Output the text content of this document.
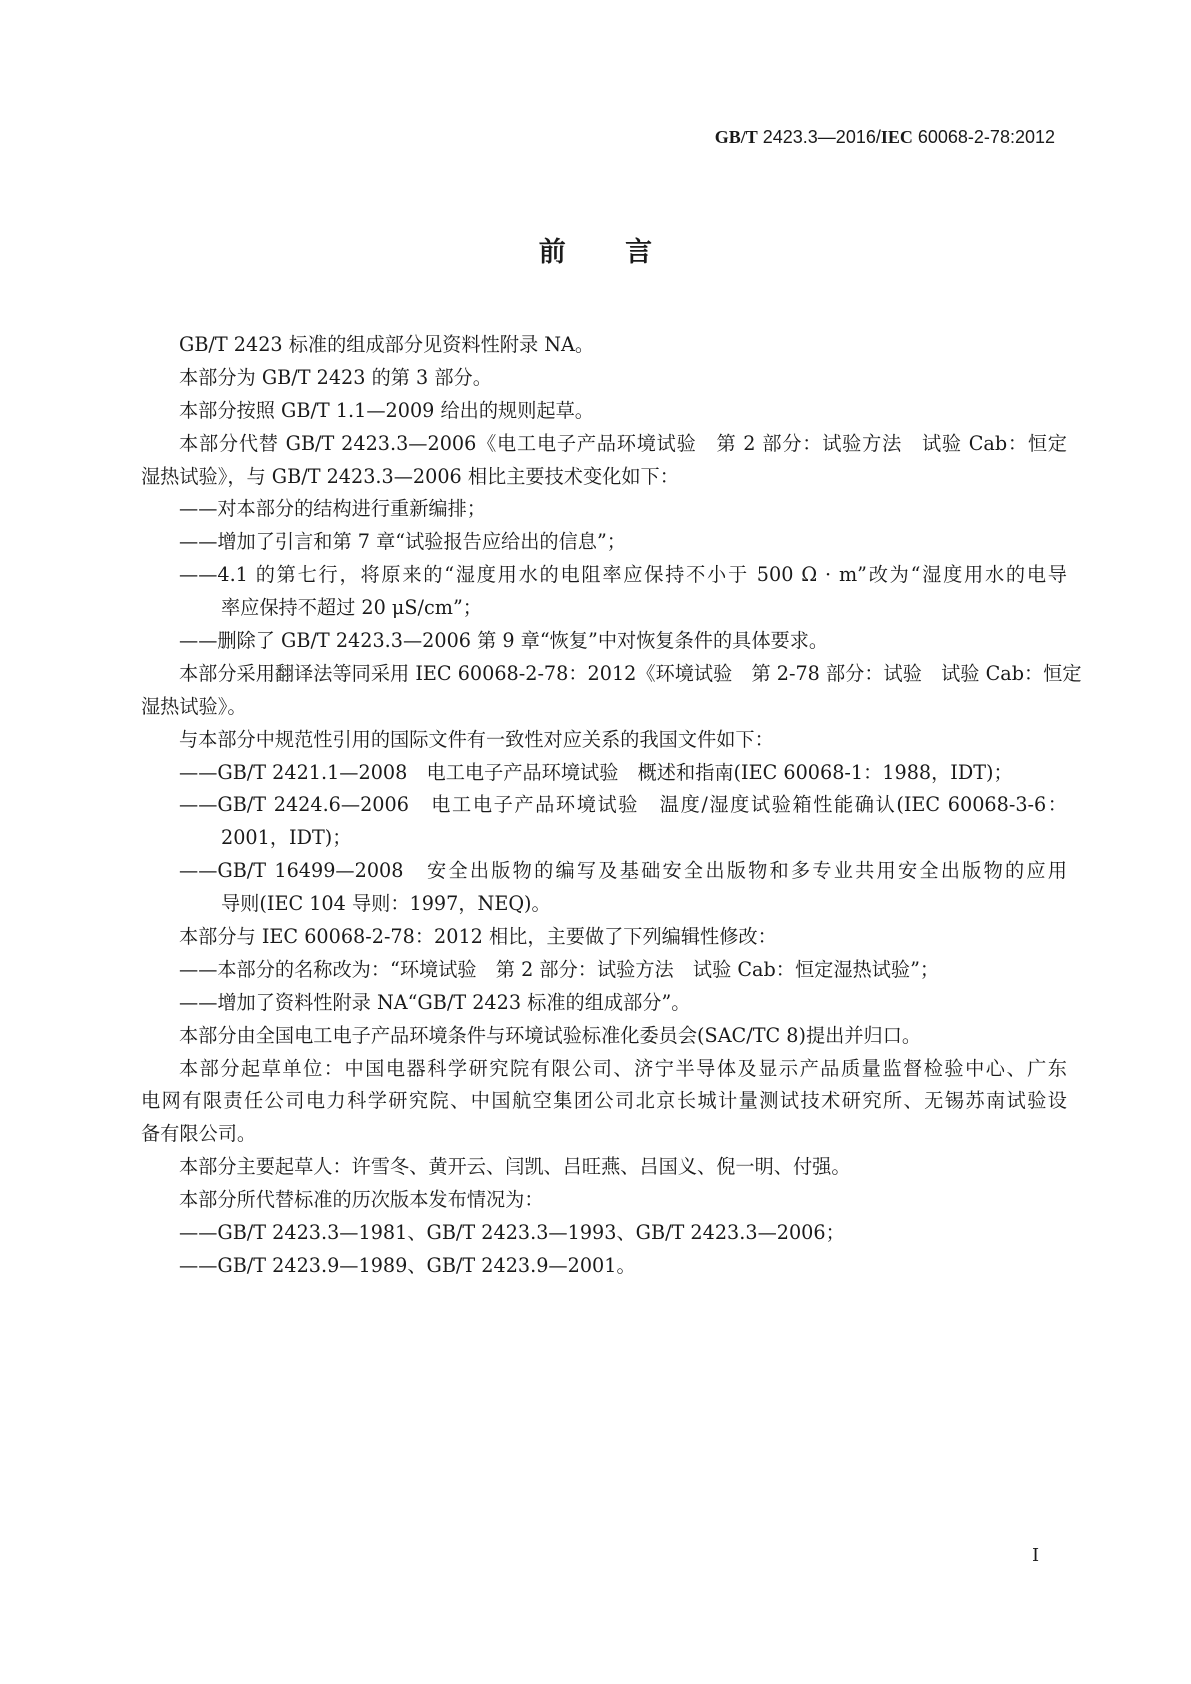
GB/T 2423.3—2016/IEC 60068-2-78:2012
前言
GB/T 2423 标准的组成部分见资料性附录 NA。
本部分为 GB/T 2423 的第 3 部分。
本部分按照 GB/T 1.1—2009 给出的规则起草。
本部分代替 GB/T 2423.3—2006《电工电子产品环境试验　第 2 部分：试验方法　试验 Cab：恒定
湿热试验》，与 GB/T 2423.3—2006 相比主要技术变化如下：
——对本部分的结构进行重新编排；
——增加了引言和第 7 章“试验报告应给出的信息”；
——4.1 的第七行，将原来的“湿度用水的电阻率应保持不小于 500 Ω · m”改为“湿度用水的电导
率应保持不超过 20 μS/cm”；
——删除了 GB/T 2423.3—2006 第 9 章“恢复”中对恢复条件的具体要求。
本部分采用翻译法等同采用 IEC 60068-2-78：2012《环境试验　第 2-78 部分：试验　试验 Cab：恒定
湿热试验》。
与本部分中规范性引用的国际文件有一致性对应关系的我国文件如下：
——GB/T 2421.1—2008　电工电子产品环境试验　概述和指南(IEC 60068-1：1988，IDT)；
——GB/T 2424.6—2006　电工电子产品环境试验　温度/湿度试验箱性能确认(IEC 60068-3-6：
2001，IDT)；
——GB/T 16499—2008　安全出版物的编写及基础安全出版物和多专业共用安全出版物的应用
导则(IEC 104 导则：1997，NEQ)。
本部分与 IEC 60068-2-78：2012 相比，主要做了下列编辑性修改：
——本部分的名称改为：“环境试验　第 2 部分：试验方法　试验 Cab：恒定湿热试验”；
——增加了资料性附录 NA“GB/T 2423 标准的组成部分”。
本部分由全国电工电子产品环境条件与环境试验标准化委员会(SAC/TC 8)提出并归口。
本部分起草单位：中国电器科学研究院有限公司、济宁半导体及显示产品质量监督检验中心、广东
电网有限责任公司电力科学研究院、中国航空集团公司北京长城计量测试技术研究所、无锡苏南试验设
备有限公司。
本部分主要起草人：许雪冬、黄开云、闫凯、吕旺燕、吕国义、倪一明、付强。
本部分所代替标准的历次版本发布情况为：
——GB/T 2423.3—1981、GB/T 2423.3—1993、GB/T 2423.3—2006；
——GB/T 2423.9—1989、GB/T 2423.9—2001。
I
